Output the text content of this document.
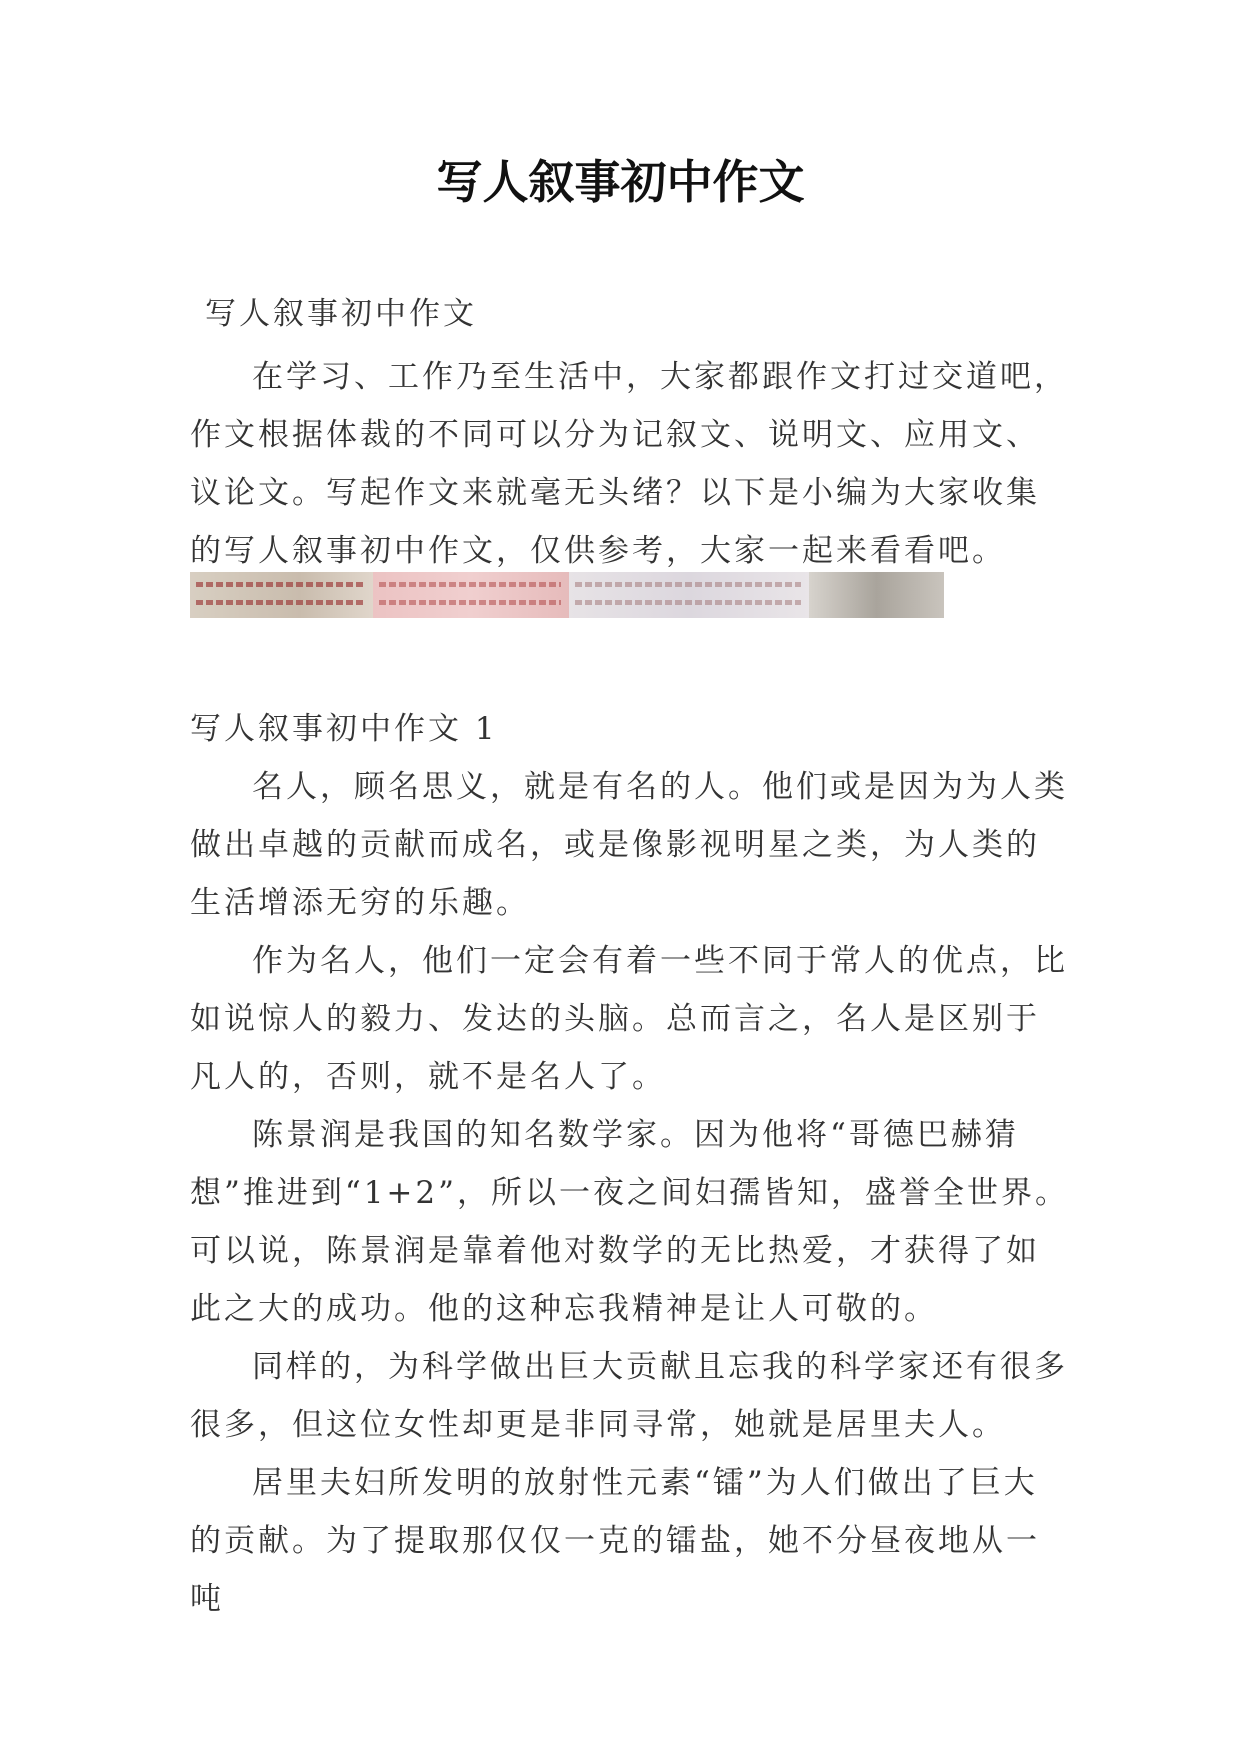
写人叙事初中作文
写人叙事初中作文

在学习、工作乃至生活中，大家都跟作文打过交道吧，作文根据体裁的不同可以分为记叙文、说明文、应用文、议论文。写起作文来就毫无头绪？以下是小编为大家收集的写人叙事初中作文，仅供参考，大家一起来看看吧。

写人叙事初中作文 1

名人，顾名思义，就是有名的人。他们或是因为为人类做出卓越的贡献而成名，或是像影视明星之类，为人类的生活增添无穷的乐趣。

作为名人，他们一定会有着一些不同于常人的优点，比如说惊人的毅力、发达的头脑。总而言之，名人是区别于凡人的，否则，就不是名人了。

陈景润是我国的知名数学家。因为他将“哥德巴赫猜想”推进到“1+2”，所以一夜之间妇孺皆知，盛誉全世界。可以说，陈景润是靠着他对数学的无比热爱，才获得了如此之大的成功。他的这种忘我精神是让人可敬的。

同样的，为科学做出巨大贡献且忘我的科学家还有很多很多，但这位女性却更是非同寻常，她就是居里夫人。

居里夫妇所发明的放射性元素“镭”为人们做出了巨大的贡献。为了提取那仅仅一克的镭盐，她不分昼夜地从一吨
